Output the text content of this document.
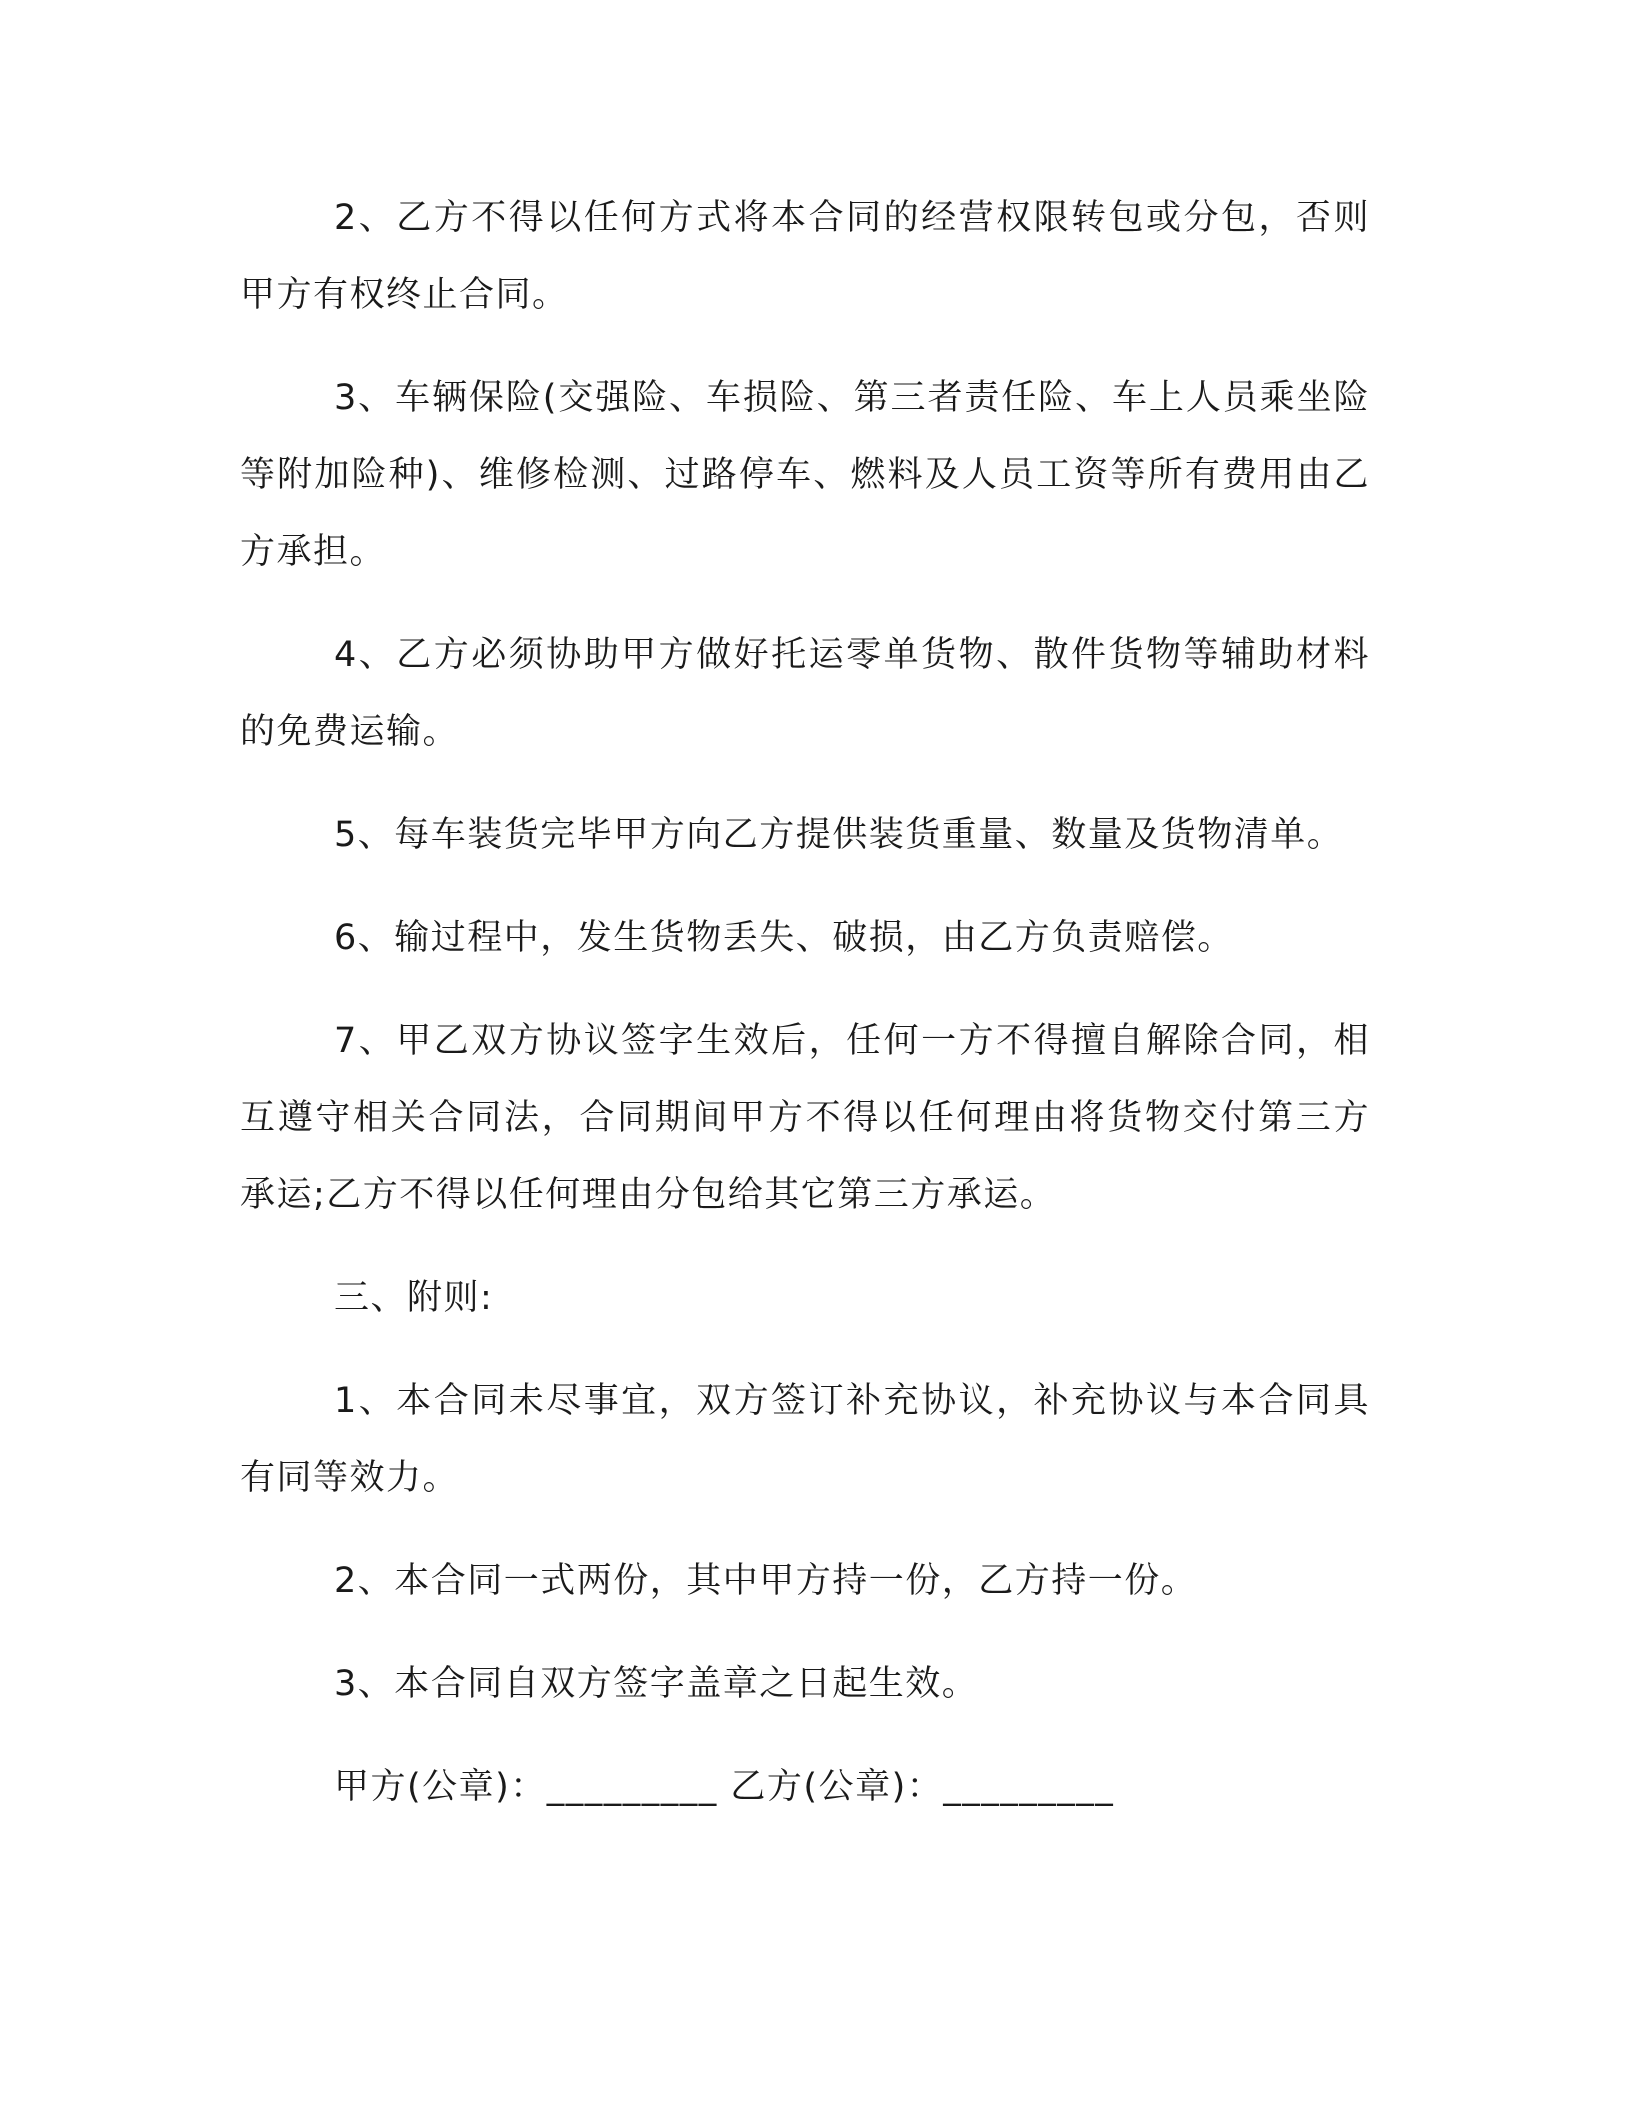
2、乙方不得以任何方式将本合同的经营权限转包或分包，否则甲方有权终止合同。

3、车辆保险(交强险、车损险、第三者责任险、车上人员乘坐险等附加险种)、维修检测、过路停车、燃料及人员工资等所有费用由乙方承担。

4、乙方必须协助甲方做好托运零单货物、散件货物等辅助材料的免费运输。

5、每车装货完毕甲方向乙方提供装货重量、数量及货物清单。

6、输过程中，发生货物丢失、破损，由乙方负责赔偿。

7、甲乙双方协议签字生效后，任何一方不得擅自解除合同，相互遵守相关合同法，合同期间甲方不得以任何理由将货物交付第三方承运;乙方不得以任何理由分包给其它第三方承运。

三、附则:

1、本合同未尽事宜，双方签订补充协议，补充协议与本合同具有同等效力。

2、本合同一式两份，其中甲方持一份，乙方持一份。

3、本合同自双方签字盖章之日起生效。

甲方(公章)：_________ 乙方(公章)：_________
